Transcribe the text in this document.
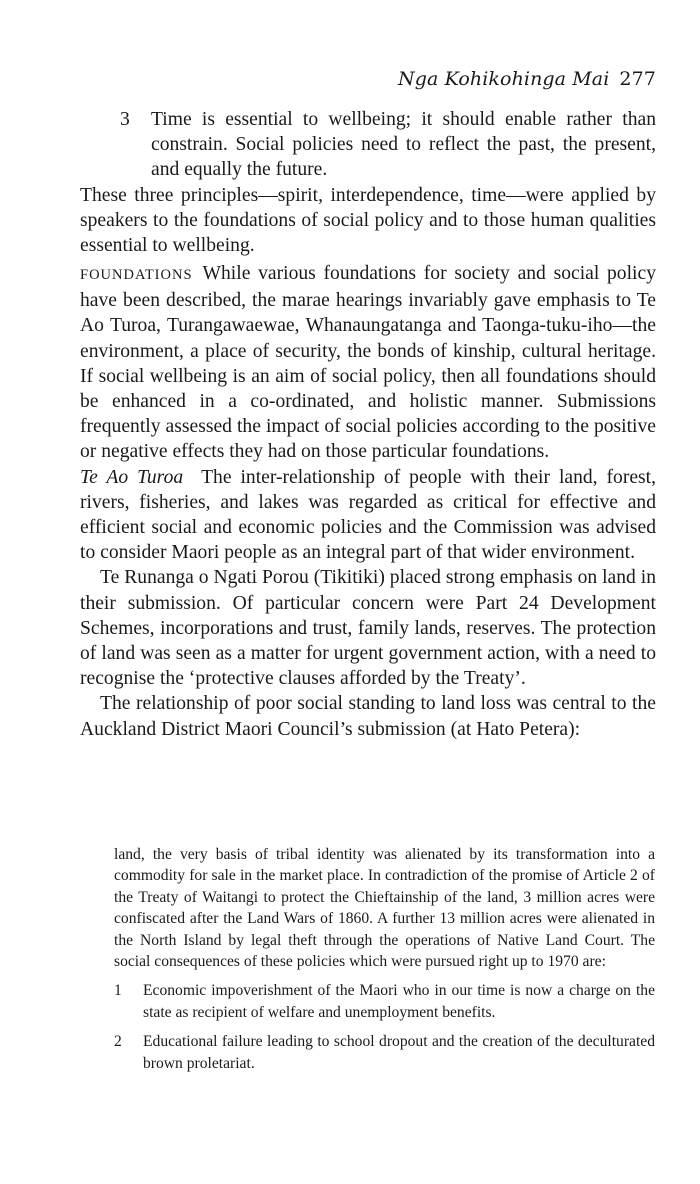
Nga Kohikohinga Mai 277
3 Time is essential to wellbeing; it should enable rather than constrain. Social policies need to reflect the past, the present, and equally the future.

These three principles—spirit, interdependence, time—were applied by speakers to the foundations of social policy and to those human qualities essential to wellbeing.

FOUNDATIONS While various foundations for society and social policy have been described, the marae hearings invariably gave emphasis to Te Ao Turoa, Turangawaewae, Whanaungatanga and Taonga-tuku-iho—the environment, a place of security, the bonds of kinship, cultural heritage. If social wellbeing is an aim of social policy, then all foundations should be enhanced in a co-ordinated, and holistic manner. Submissions frequently assessed the impact of social policies according to the positive or negative effects they had on those particular foundations.

Te Ao Turoa The inter-relationship of people with their land, forest, rivers, fisheries, and lakes was regarded as critical for effective and efficient social and economic policies and the Commission was advised to consider Maori people as an integral part of that wider environment.

Te Runanga o Ngati Porou (Tikitiki) placed strong emphasis on land in their submission. Of particular concern were Part 24 Development Schemes, incorporations and trust, family lands, reserves. The protection of land was seen as a matter for urgent government action, with a need to recognise the ‘protective clauses afforded by the Treaty’.

The relationship of poor social standing to land loss was central to the Auckland District Maori Council’s submission (at Hato Petera):

land, the very basis of tribal identity was alienated by its transformation into a commodity for sale in the market place. In contradiction of the promise of Article 2 of the Treaty of Waitangi to protect the Chieftainship of the land, 3 million acres were confiscated after the Land Wars of 1860. A further 13 million acres were alienated in the North Island by legal theft through the operations of Native Land Court. The social consequences of these policies which were pursued right up to 1970 are:

1 Economic impoverishment of the Maori who in our time is now a charge on the state as recipient of welfare and unemployment benefits.
2 Educational failure leading to school dropout and the creation of the deculturated brown proletariat.
